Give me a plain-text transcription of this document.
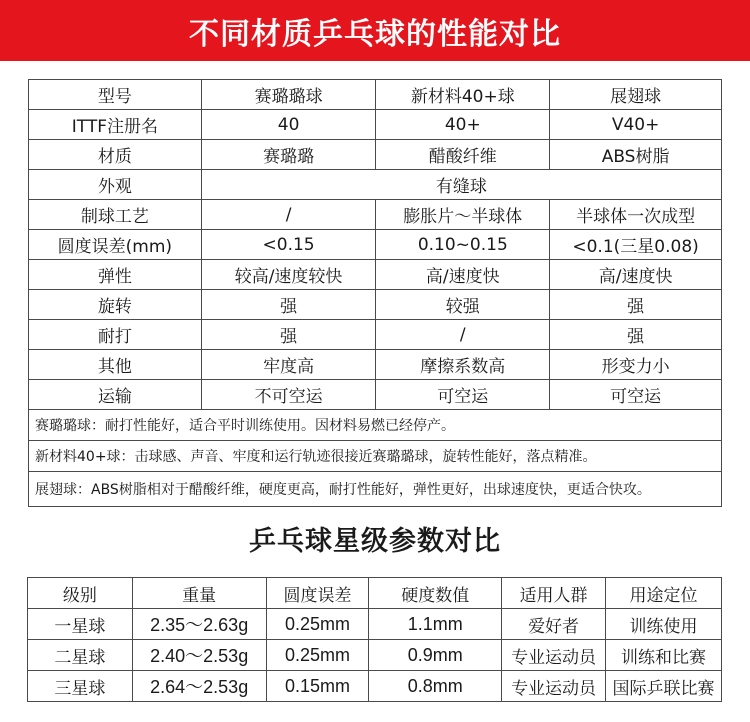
不同材质乒乓球的性能对比
型号	赛璐璐球	新材料40+球	展翅球
ITTF注册名	40	40+	V40+
材质	赛璐璐	醋酸纤维	ABS树脂
外观	有缝球		
制球工艺	/	膨胀片～半球体	半球体一次成型
圆度误差(mm)	<0.15	0.10~0.15	<0.1(三星0.08)
弹性	较高/速度较快	高/速度快	高/速度快
旋转	强	较强	强
耐打	强	/	强
其他	牢度高	摩擦系数高	形变力小
运输	不可空运	可空运	可空运
赛璐璐球：耐打性能好，适合平时训练使用。因材料易燃已经停产。			
新材料40+球：击球感、声音、牢度和运行轨迹很接近赛璐璐球，旋转性能好，落点精准。			
展翅球：ABS树脂相对于醋酸纤维，硬度更高，耐打性能好，弹性更好，出球速度快，更适合快攻。			
乒乓球星级参数对比
级别	重量	圆度误差	硬度数值	适用人群	用途定位
一星球	2.35～2.63g	0.25mm	1.1mm	爱好者	训练使用
二星球	2.40～2.53g	0.25mm	0.9mm	专业运动员	训练和比赛
三星球	2.64～2.53g	0.15mm	0.8mm	专业运动员	国际乒联比赛
